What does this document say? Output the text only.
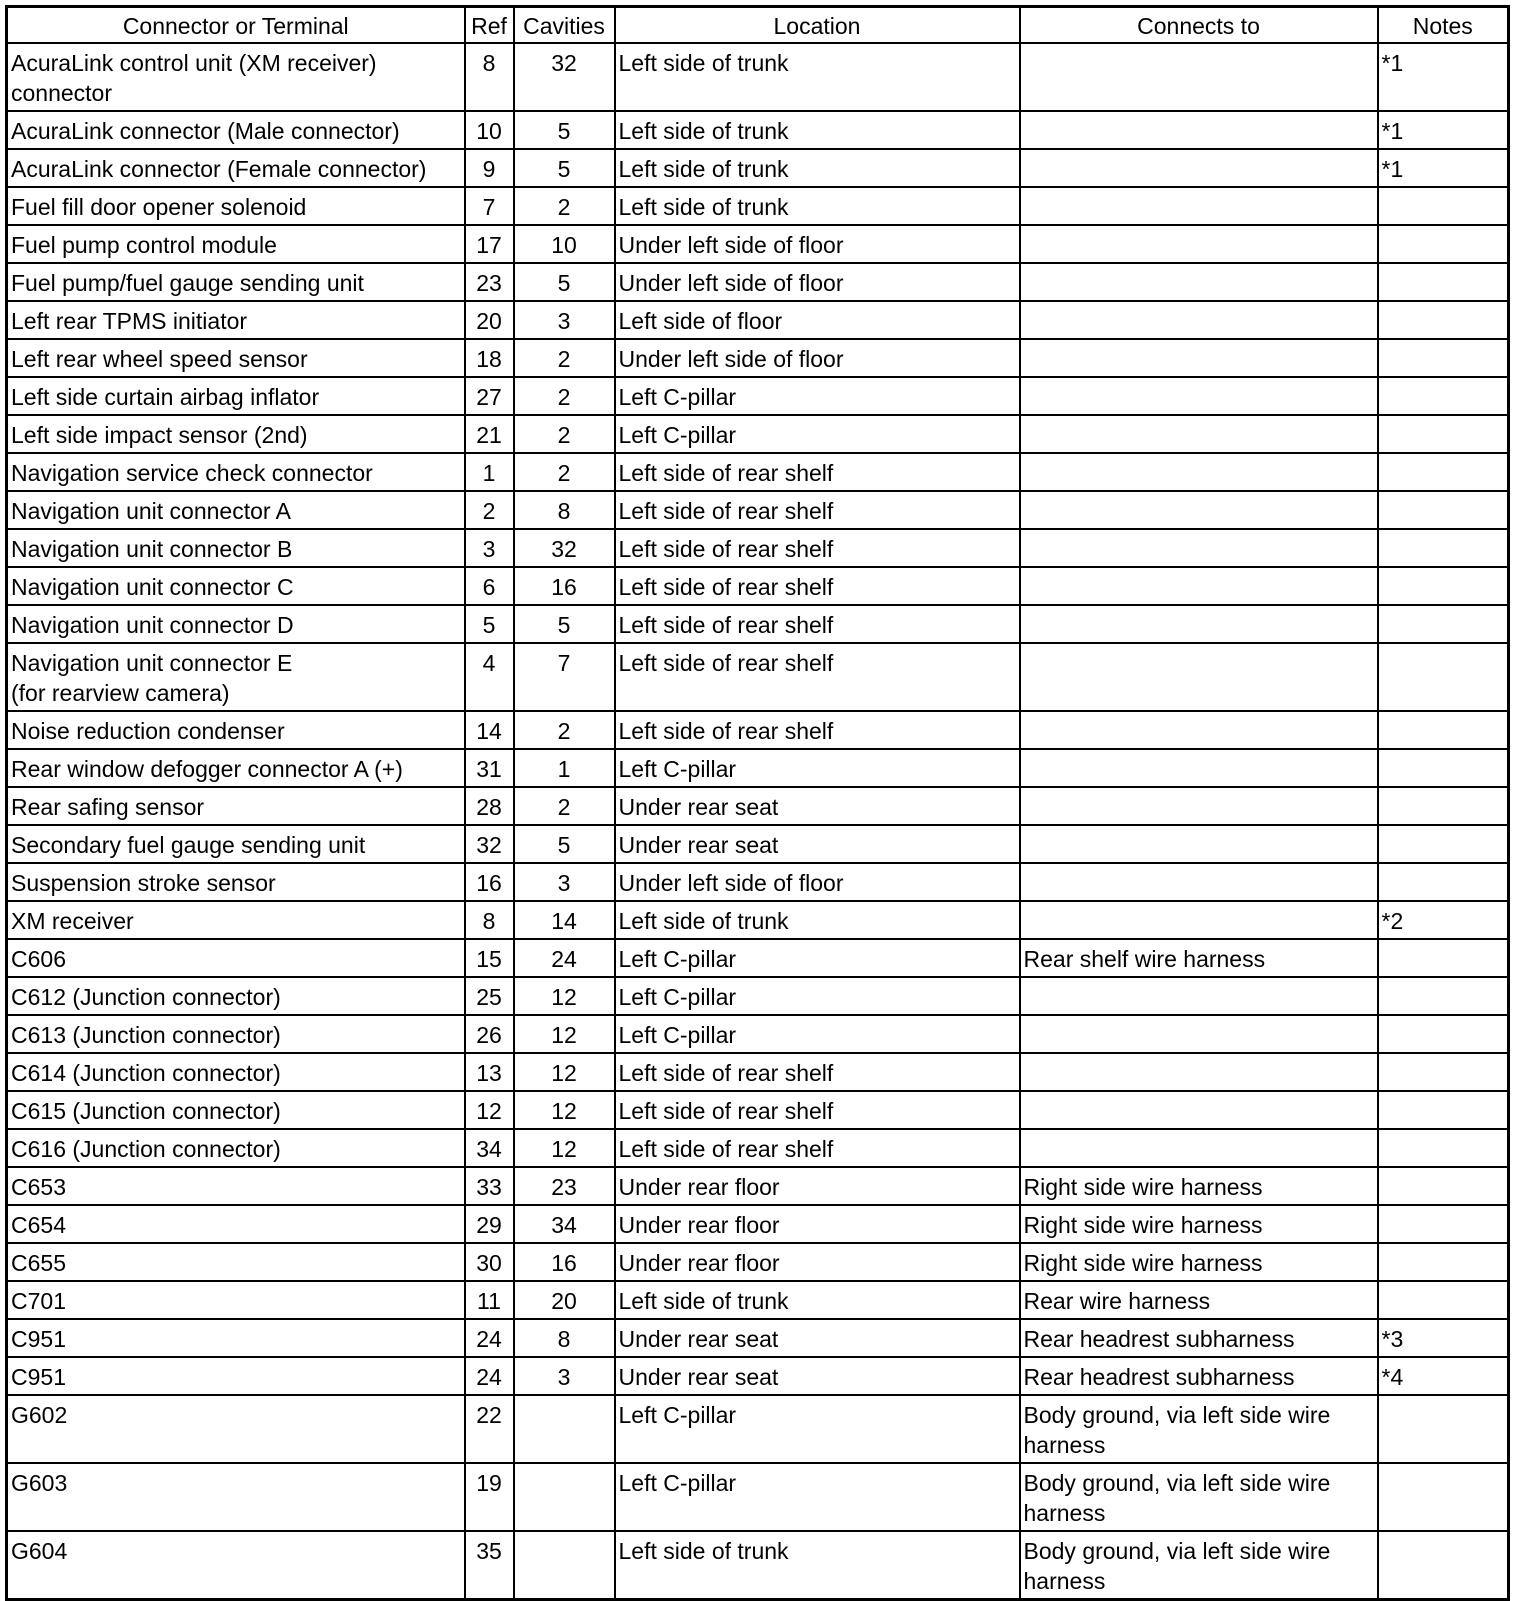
Connector or Terminal	Ref	Cavities	Location	Connects to	Notes
AcuraLink control unit (XM receiver) connector	8	32	Left side of trunk		*1
AcuraLink connector (Male connector)	10	5	Left side of trunk		*1
AcuraLink connector (Female connector)	9	5	Left side of trunk		*1
Fuel fill door opener solenoid	7	2	Left side of trunk		
Fuel pump control module	17	10	Under left side of floor		
Fuel pump/fuel gauge sending unit	23	5	Under left side of floor		
Left rear TPMS initiator	20	3	Left side of floor		
Left rear wheel speed sensor	18	2	Under left side of floor		
Left side curtain airbag inflator	27	2	Left C-pillar		
Left side impact sensor (2nd)	21	2	Left C-pillar		
Navigation service check connector	1	2	Left side of rear shelf		
Navigation unit connector A	2	8	Left side of rear shelf		
Navigation unit connector B	3	32	Left side of rear shelf		
Navigation unit connector C	6	16	Left side of rear shelf		
Navigation unit connector D	5	5	Left side of rear shelf		
Navigation unit connector E
(for rearview camera)	4	7	Left side of rear shelf		
Noise reduction condenser	14	2	Left side of rear shelf		
Rear window defogger connector A (+)	31	1	Left C-pillar		
Rear safing sensor	28	2	Under rear seat		
Secondary fuel gauge sending unit	32	5	Under rear seat		
Suspension stroke sensor	16	3	Under left side of floor		
XM receiver	8	14	Left side of trunk		*2
C606	15	24	Left C-pillar	Rear shelf wire harness	
C612 (Junction connector)	25	12	Left C-pillar		
C613 (Junction connector)	26	12	Left C-pillar		
C614 (Junction connector)	13	12	Left side of rear shelf		
C615 (Junction connector)	12	12	Left side of rear shelf		
C616 (Junction connector)	34	12	Left side of rear shelf		
C653	33	23	Under rear floor	Right side wire harness	
C654	29	34	Under rear floor	Right side wire harness	
C655	30	16	Under rear floor	Right side wire harness	
C701	11	20	Left side of trunk	Rear wire harness	
C951	24	8	Under rear seat	Rear headrest subharness	*3
C951	24	3	Under rear seat	Rear headrest subharness	*4
G602	22		Left C-pillar	Body ground, via left side wire harness	
G603	19		Left C-pillar	Body ground, via left side wire harness	
G604	35		Left side of trunk	Body ground, via left side wire harness	
